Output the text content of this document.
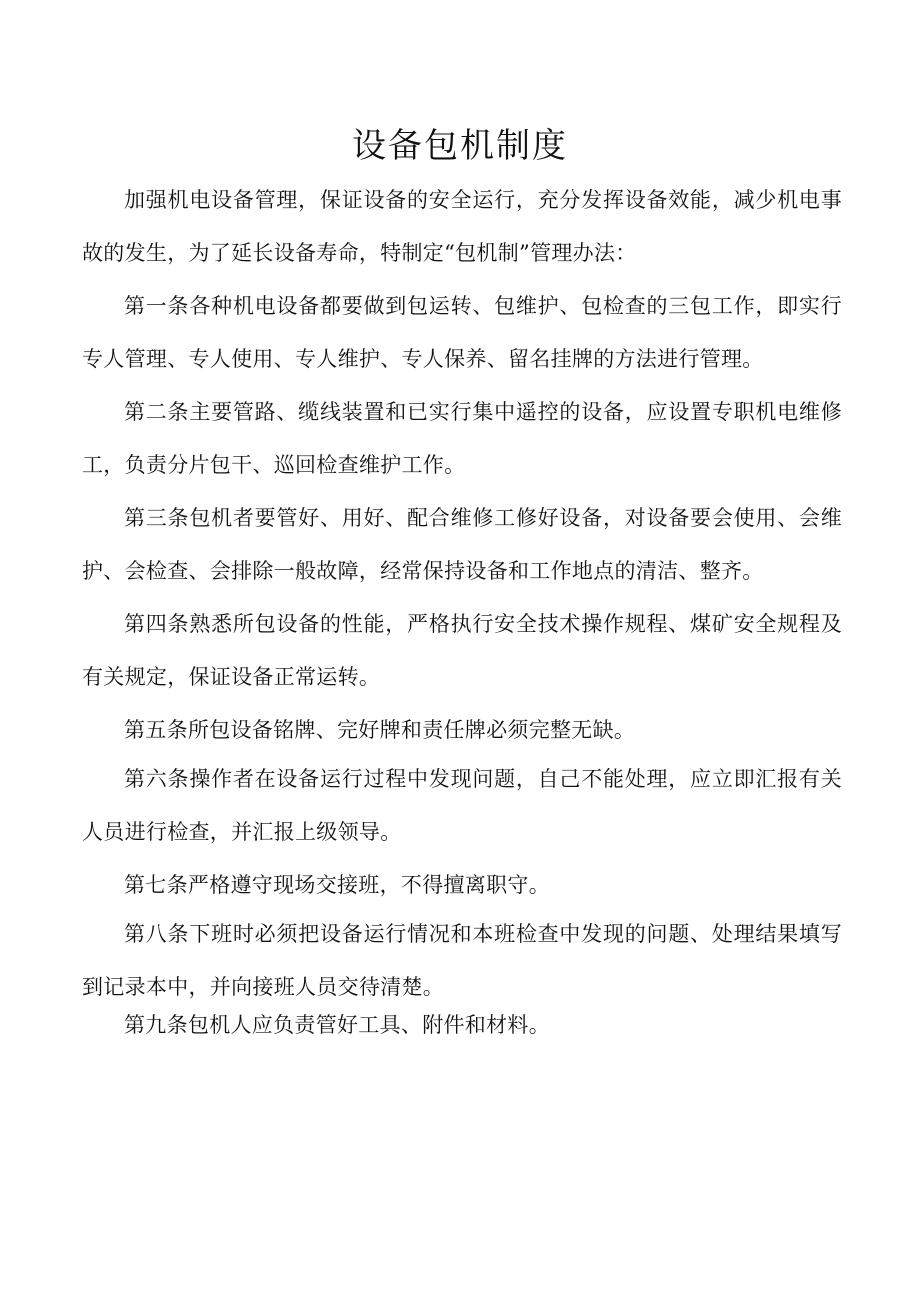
设备包机制度

加强机电设备管理，保证设备的安全运行，充分发挥设备效能，减少机电事故的发生，为了延长设备寿命，特制定“包机制”管理办法：

第一条各种机电设备都要做到包运转、包维护、包检查的三包工作，即实行专人管理、专人使用、专人维护、专人保养、留名挂牌的方法进行管理。

第二条主要管路、缆线装置和已实行集中遥控的设备，应设置专职机电维修工，负责分片包干、巡回检查维护工作。

第三条包机者要管好、用好、配合维修工修好设备，对设备要会使用、会维护、会检查、会排除一般故障，经常保持设备和工作地点的清洁、整齐。

第四条熟悉所包设备的性能，严格执行安全技术操作规程、煤矿安全规程及有关规定，保证设备正常运转。

第五条所包设备铭牌、完好牌和责任牌必须完整无缺。

第六条操作者在设备运行过程中发现问题，自己不能处理，应立即汇报有关人员进行检查，并汇报上级领导。

第七条严格遵守现场交接班，不得擅离职守。

第八条下班时必须把设备运行情况和本班检查中发现的问题、处理结果填写到记录本中，并向接班人员交待清楚。

第九条包机人应负责管好工具、附件和材料。
